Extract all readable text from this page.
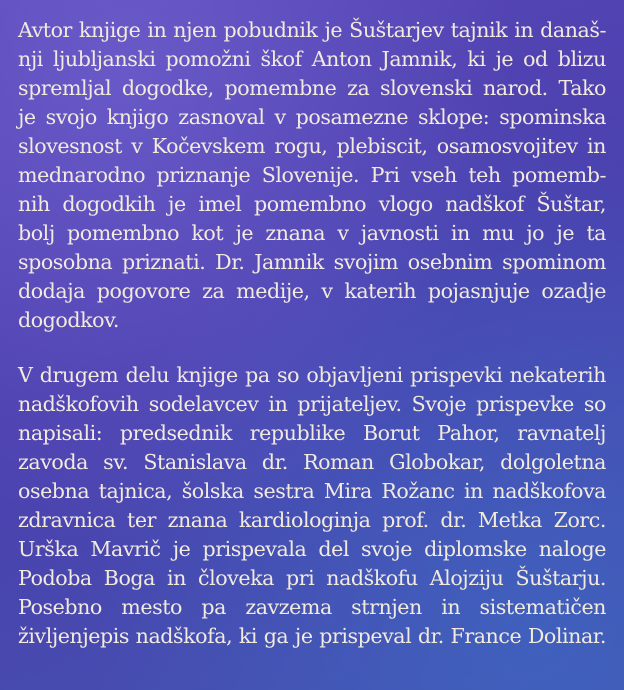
Avtor knjige in njen pobudnik je Šuštarjev tajnik in današ-
nji ljubljanski pomožni škof Anton Jamnik, ki je od blizu
spremljal dogodke, pomembne za slovenski narod. Tako
je svojo knjigo zasnoval v posamezne sklope: spominska
slovesnost v Kočevskem rogu, plebiscit, osamosvojitev in
mednarodno priznanje Slovenije. Pri vseh teh pomemb-
nih dogodkih je imel pomembno vlogo nadškof Šuštar,
bolj pomembno kot je znana v javnosti in mu jo je ta
sposobna priznati. Dr. Jamnik svojim osebnim spominom
dodaja pogovore za medije, v katerih pojasnjuje ozadje
dogodkov.

V drugem delu knjige pa so objavljeni prispevki nekaterih
nadškofovih sodelavcev in prijateljev. Svoje prispevke so
napisali: predsednik republike Borut Pahor, ravnatelj
zavoda sv. Stanislava dr. Roman Globokar, dolgoletna
osebna tajnica, šolska sestra Mira Rožanc in nadškofova
zdravnica ter znana kardiologinja prof. dr. Metka Zorc.
Urška Mavrič je prispevala del svoje diplomske naloge
Podoba Boga in človeka pri nadškofu Alojziju Šuštarju.
Posebno mesto pa zavzema strnjen in sistematičen
življenjepis nadškofa, ki ga je prispeval dr. France Dolinar.
